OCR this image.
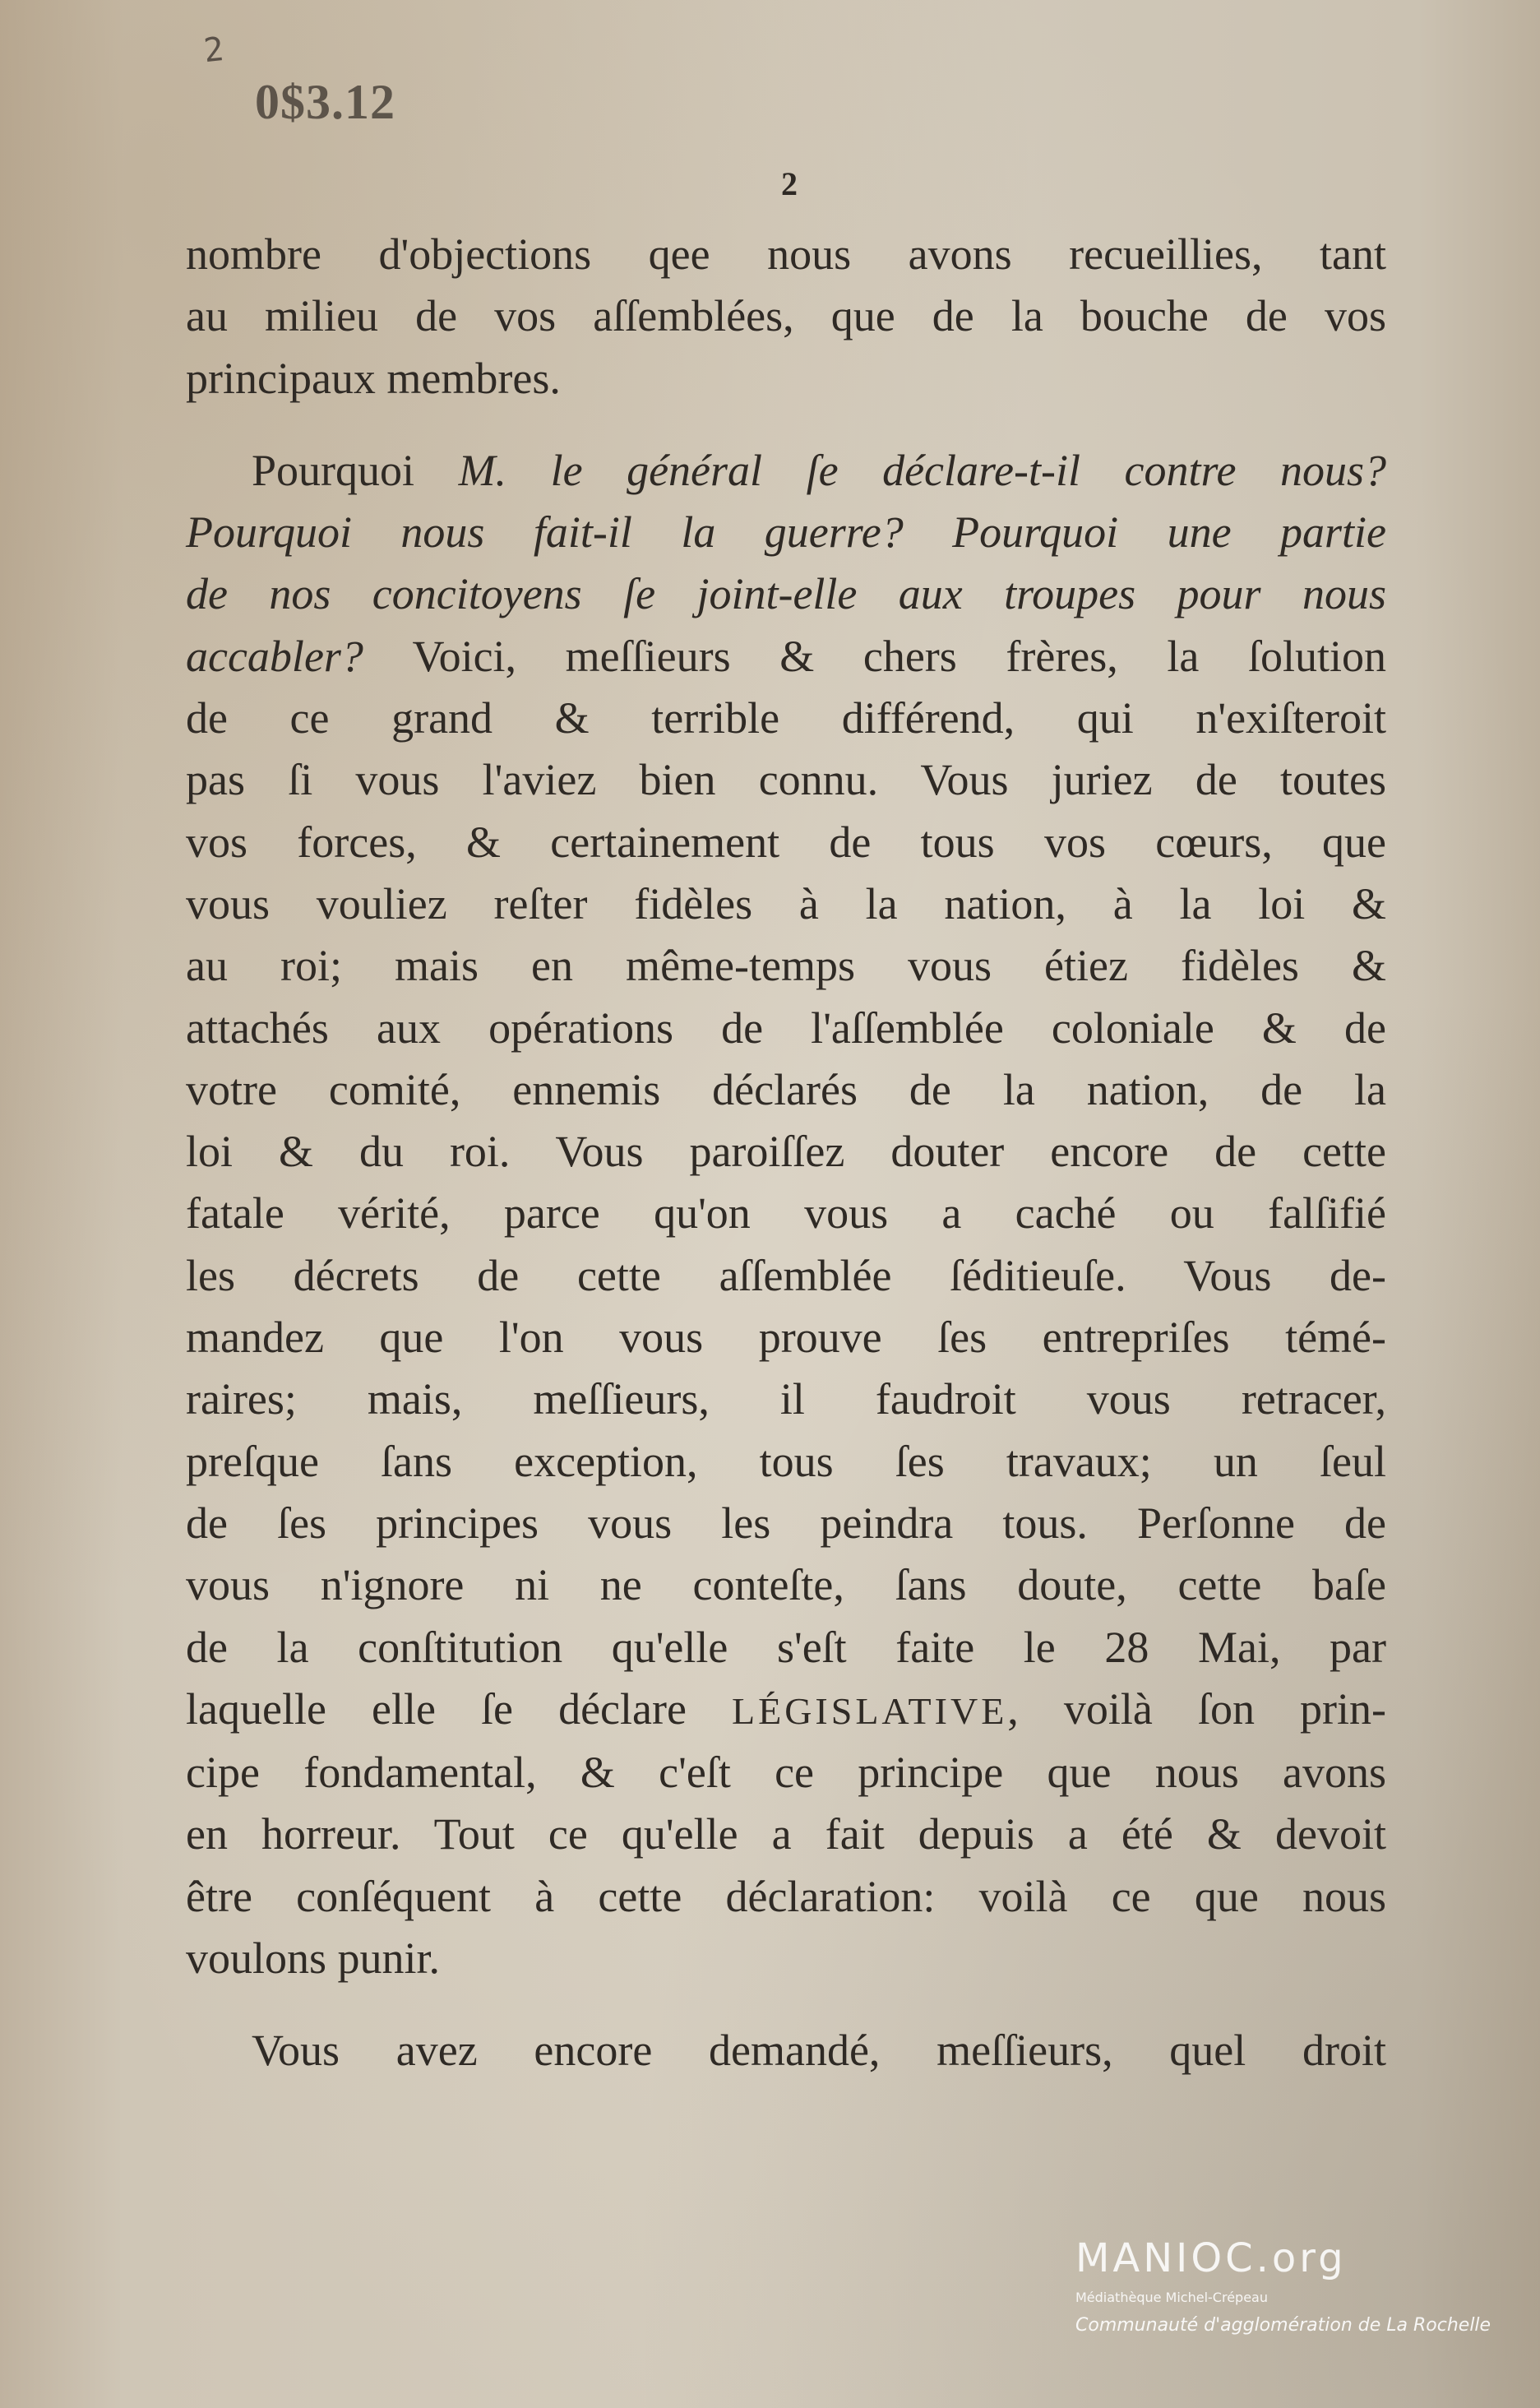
2
0$3.12
2

nombre d'objections qee nous avons recueillies, tant
au milieu de vos aſſemblées, que de la bouche de vos
principaux membres.

Pourquoi M. le général ſe déclare-t-il contre nous?
Pourquoi nous fait-il la guerre? Pourquoi une partie
de nos concitoyens ſe joint-elle aux troupes pour nous
accabler? Voici, meſſieurs & chers frères, la ſolution
de ce grand & terrible différend, qui n'exiſteroit
pas ſi vous l'aviez bien connu. Vous juriez de toutes
vos forces, & certainement de tous vos cœurs, que
vous vouliez reſter fidèles à la nation, à la loi &
au roi; mais en même-temps vous étiez fidèles &
attachés aux opérations de l'aſſemblée coloniale & de
votre comité, ennemis déclarés de la nation, de la
loi & du roi. Vous paroiſſez douter encore de cette
fatale vérité, parce qu'on vous a caché ou falſifié
les décrets de cette aſſemblée ſéditieuſe. Vous de-
mandez que l'on vous prouve ſes entrepriſes témé-
raires; mais, meſſieurs, il faudroit vous retracer,
preſque ſans exception, tous ſes travaux; un ſeul
de ſes principes vous les peindra tous. Perſonne de
vous n'ignore ni ne conteſte, ſans doute, cette baſe
de la conſtitution qu'elle s'eſt faite le 28 Mai, par
laquelle elle ſe déclare LÉGISLATIVE, voilà ſon prin-
cipe fondamental, & c'eſt ce principe que nous avons
en horreur. Tout ce qu'elle a fait depuis a été & devoit
être conſéquent à cette déclaration: voilà ce que nous
voulons punir.

Vous avez encore demandé, meſſieurs, quel droit

MANIOC.org
Médiathèque Michel-Crépeau
Communauté d'agglomération de La Rochelle
